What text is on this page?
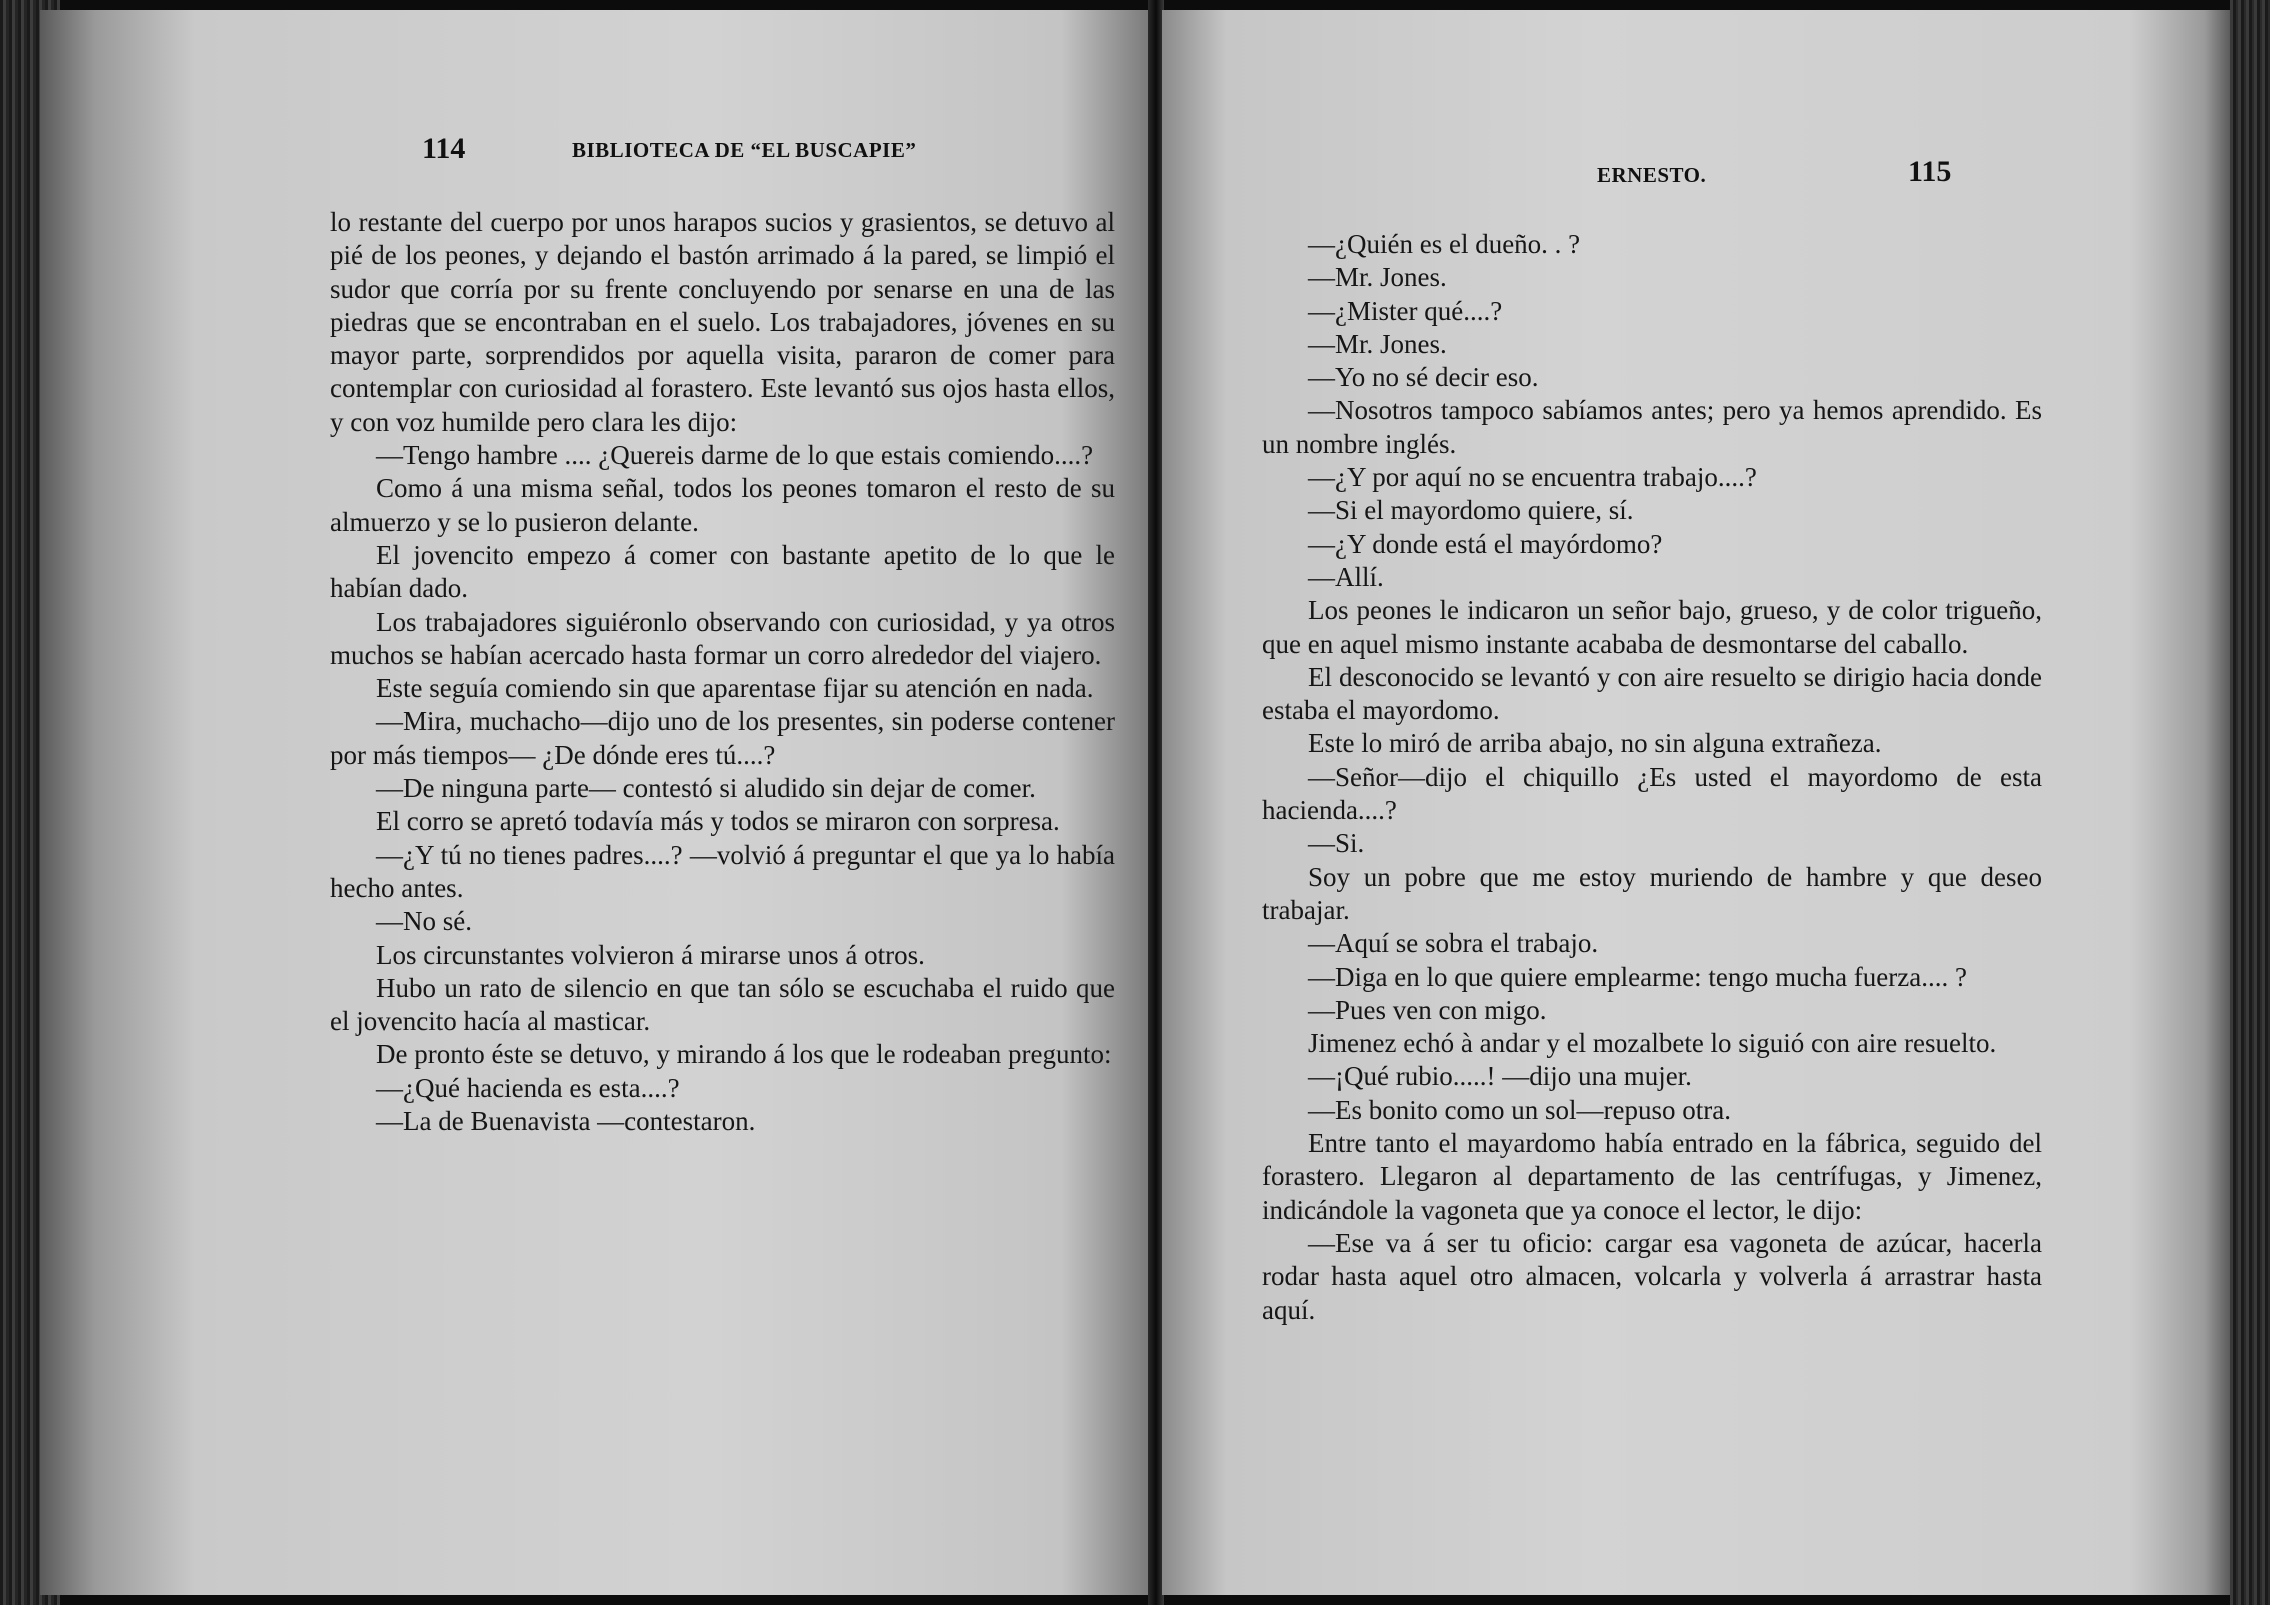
114	BIBLIOTECA DE “EL BUSCAPIE”

lo restante del cuerpo por unos harapos sucios y grasientos, se detuvo al pié de los peones, y dejando el bastón arrimado á la pared, se limpió el sudor que corría por su frente concluyendo por senarse en una de las piedras que se encontraban en el suelo. Los trabajadores, jóvenes en su mayor parte, sorprendidos por aquella visita, pararon de comer para contemplar con curiosidad al forastero. Este levantó sus ojos hasta ellos, y con voz humilde pero clara les dijo:

—Tengo hambre .... ¿Quereis darme de lo que estais comiendo....?

Como á una misma señal, todos los peones tomaron el resto de su almuerzo y se lo pusieron delante.

El jovencito empezo á comer con bastante apetito de lo que le habían dado.

Los trabajadores siguiéronlo observando con curiosidad, y ya otros muchos se habían acercado hasta formar un corro alrededor del viajero.

Este seguía comiendo sin que aparentase fijar su atención en nada.

—Mira, muchacho—dijo uno de los presentes, sin poderse contener por más tiempos— ¿De dónde eres tú....?

—De ninguna parte— contestó si aludido sin dejar de comer.

El corro se apretó todavía más y todos se miraron con sorpresa.

—¿Y tú no tienes padres....? —volvió á preguntar el que ya lo había hecho antes.

—No sé.

Los circunstantes volvieron á mirarse unos á otros.

Hubo un rato de silencio en que tan sólo se escuchaba el ruido que el jovencito hacía al masticar.

De pronto éste se detuvo, y mirando á los que le rodeaban pregunto:

—¿Qué hacienda es esta....?

—La de Buenavista —contestaron.

ERNESTO.	115

—¿Quién es el dueño. . ?

—Mr. Jones.

—¿Mister qué....?

—Mr. Jones.

—Yo no sé decir eso.

—Nosotros tampoco sabíamos antes; pero ya hemos aprendido. Es un nombre inglés.

—¿Y por aquí no se encuentra trabajo....?

—Si el mayordomo quiere, sí.

—¿Y donde está el mayórdomo?

—Allí.

Los peones le indicaron un señor bajo, grueso, y de color trigueño, que en aquel mismo instante acababa de desmontarse del caballo.

El desconocido se levantó y con aire resuelto se dirigio hacia donde estaba el mayordomo.

Este lo miró de arriba abajo, no sin alguna extrañeza.

—Señor—dijo el chiquillo ¿Es usted el mayordomo de esta hacienda....?

—Si.

Soy un pobre que me estoy muriendo de hambre y que deseo trabajar.

—Aquí se sobra el trabajo.

—Diga en lo que quiere emplearme: tengo mucha fuerza.... ?

—Pues ven con migo.

Jimenez echó à andar y el mozalbete lo siguió con aire resuelto.

—¡Qué rubio.....! —dijo una mujer.

—Es bonito como un sol—repuso otra.

Entre tanto el mayardomo había entrado en la fábrica, seguido del forastero. Llegaron al departamento de las centrífugas, y Jimenez, indicándole la vagoneta que ya conoce el lector, le dijo:

—Ese va á ser tu oficio: cargar esa vagoneta de azúcar, hacerla rodar hasta aquel otro almacen, volcarla y volverla á arrastrar hasta aquí.
